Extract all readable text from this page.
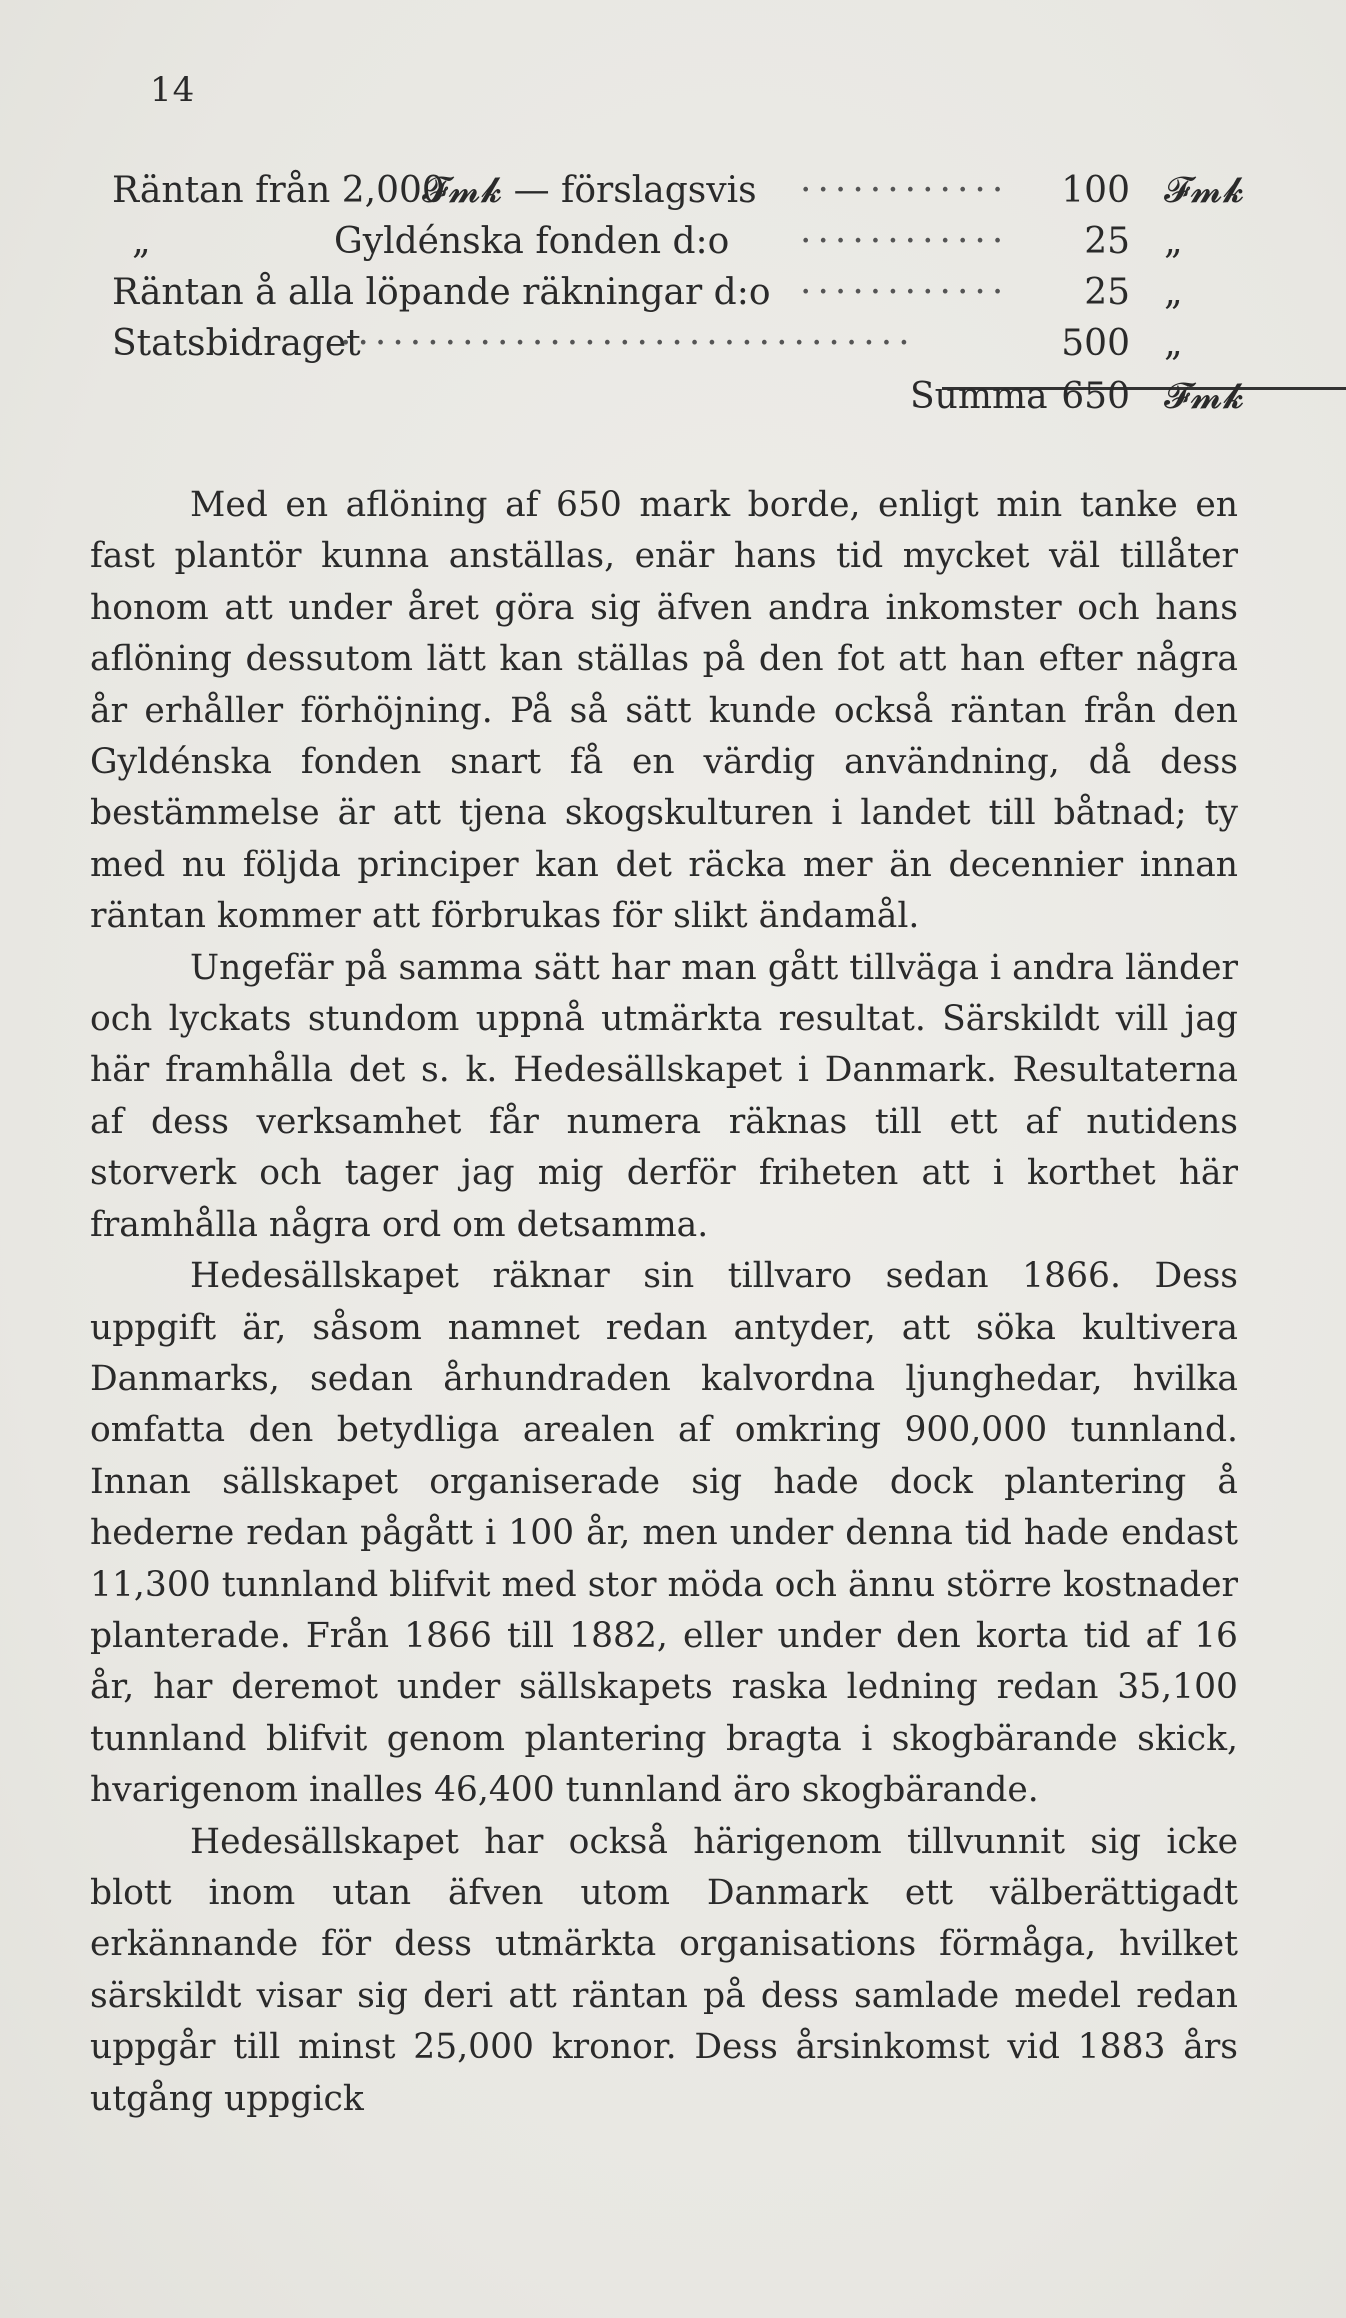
14
Räntan från 2,000
𝓕𝓶𝓴 — förslagsvis ············ 100 𝓕𝓶𝓴
„	Gyldénska fonden d:o ············ 25 „
Räntan å alla löpande räkningar d:o ············ 25 „
Statsbidraget
·································	500 „
Summa 650 𝓕𝓶𝓴

Med en aflöning af 650 mark borde, enligt min tanke en fast plantör kunna anställas, enär hans tid mycket väl tillåter honom att under året göra sig äfven andra inkomster och hans aflöning dessutom lätt kan ställas på den fot att han efter några år erhåller förhöjning. På så sätt kunde också räntan från den Gyldénska fonden snart få en värdig användning, då dess bestämmelse är att tjena skogskulturen i landet till båtnad; ty med nu följda principer kan det räcka mer än decennier innan räntan kommer att förbrukas för slikt ändamål.

Ungefär på samma sätt har man gått tillväga i andra länder och lyckats stundom uppnå utmärkta resultat. Särskildt vill jag här framhålla det s. k. Hedesällskapet i Danmark. Resultaterna af dess verksamhet får numera räknas till ett af nutidens storverk och tager jag mig derför friheten att i korthet här framhålla några ord om detsamma.

Hedesällskapet räknar sin tillvaro sedan 1866. Dess uppgift är, såsom namnet redan antyder, att söka kultivera Danmarks, sedan århundraden kalvordna ljunghedar, hvilka omfatta den betydliga arealen af omkring 900,000 tunnland. Innan sällskapet organiserade sig hade dock plantering å hederne redan pågått i 100 år, men under denna tid hade endast 11,300 tunnland blifvit med stor möda och ännu större kostnader planterade. Från 1866 till 1882, eller under den korta tid af 16 år, har deremot under sällskapets raska ledning redan 35,100 tunnland blifvit genom plantering bragta i skogbärande skick, hvarigenom inalles 46,400 tunnland äro skogbärande.

Hedesällskapet har också härigenom tillvunnit sig icke blott inom utan äfven utom Danmark ett välberättigadt erkännande för dess utmärkta organisations förmåga, hvilket särskildt visar sig deri att räntan på dess samlade medel redan uppgår till minst 25,000 kronor. Dess årsinkomst vid 1883 års utgång uppgick
